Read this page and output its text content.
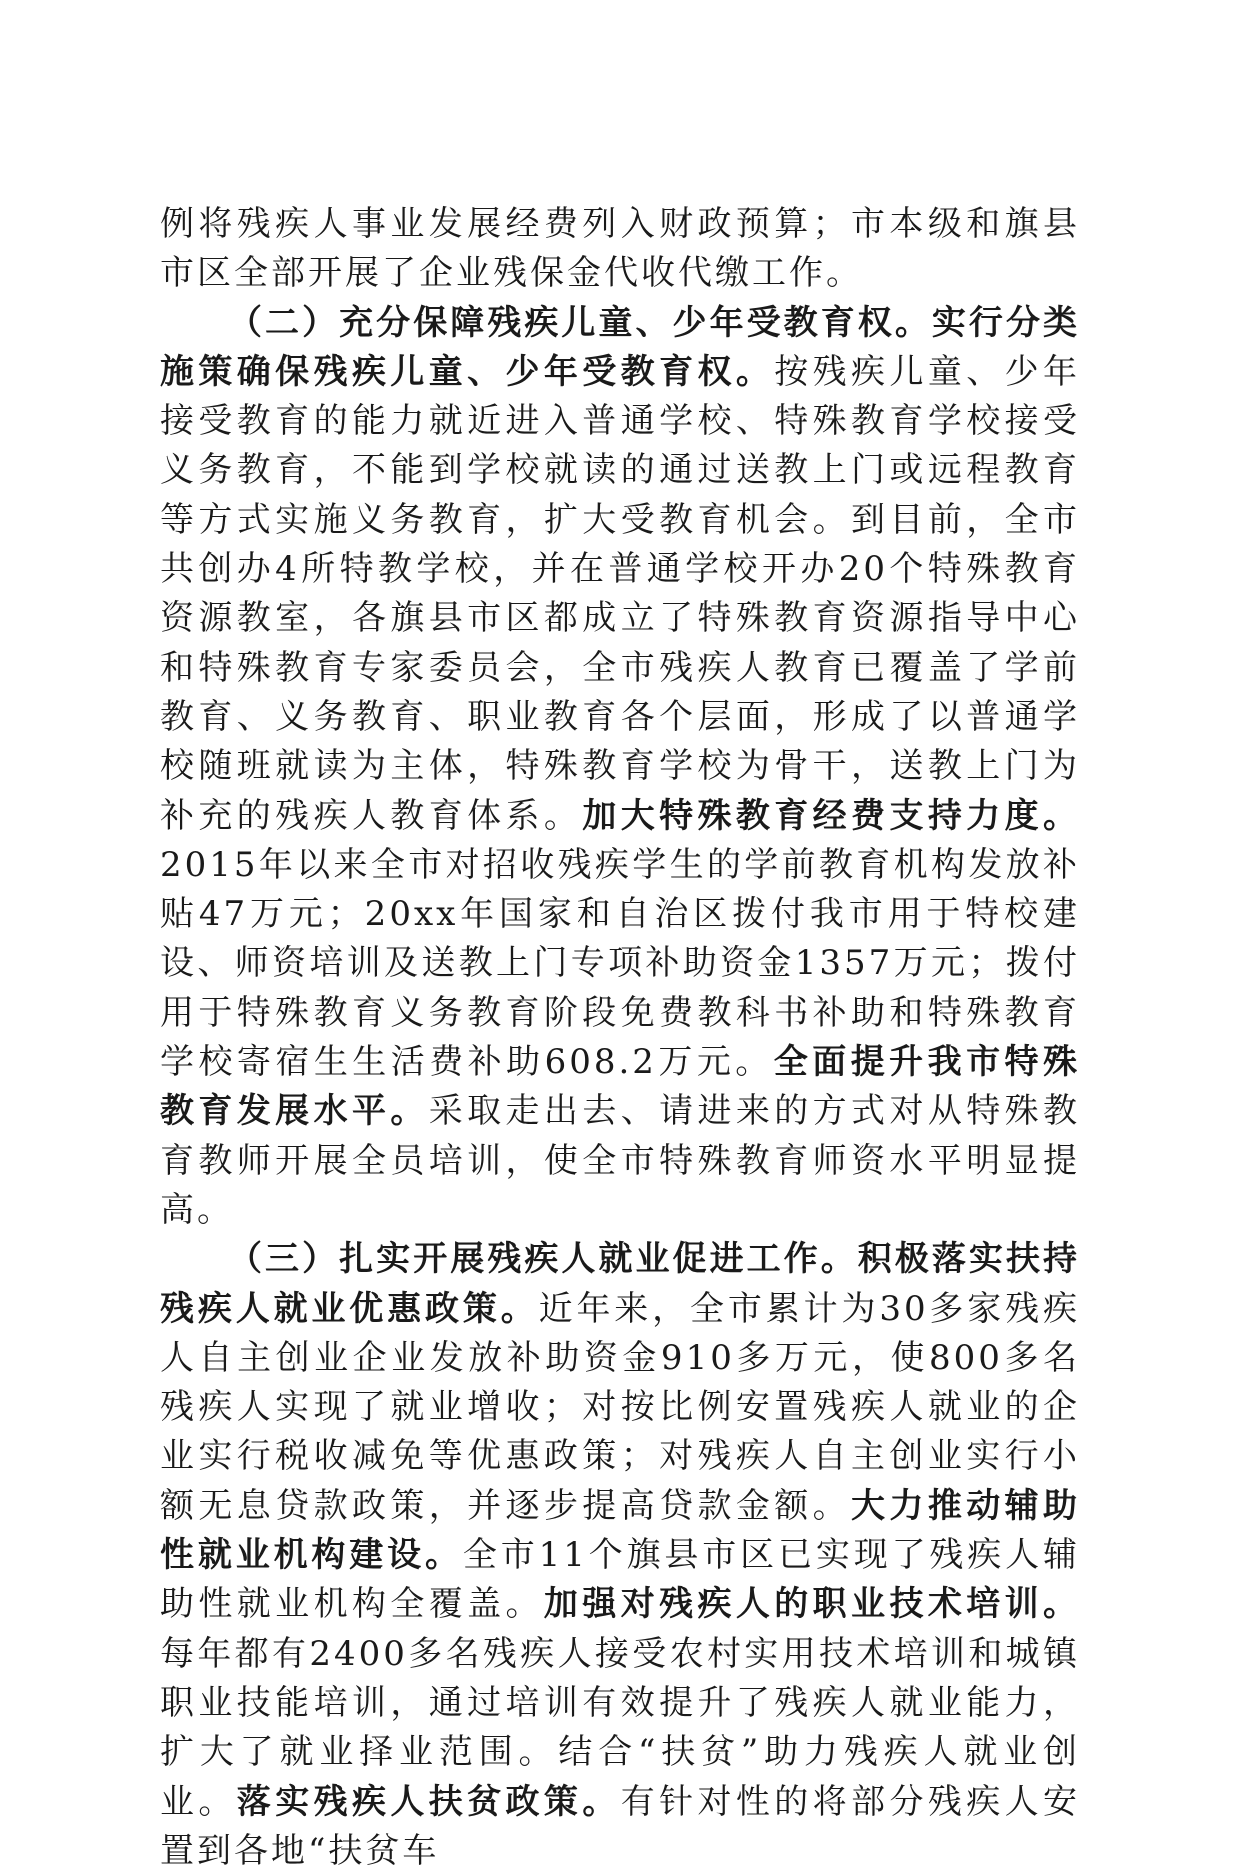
例将残疾人事业发展经费列入财政预算；市本级和旗县市区全部开展了企业残保金代收代缴工作。

（二）充分保障残疾儿童、少年受教育权。实行分类施策确保残疾儿童、少年受教育权。按残疾儿童、少年接受教育的能力就近进入普通学校、特殊教育学校接受义务教育，不能到学校就读的通过送教上门或远程教育等方式实施义务教育，扩大受教育机会。到目前，全市共创办4所特教学校，并在普通学校开办20个特殊教育资源教室，各旗县市区都成立了特殊教育资源指导中心和特殊教育专家委员会，全市残疾人教育已覆盖了学前教育、义务教育、职业教育各个层面，形成了以普通学校随班就读为主体，特殊教育学校为骨干，送教上门为补充的残疾人教育体系。加大特殊教育经费支持力度。2015年以来全市对招收残疾学生的学前教育机构发放补贴47万元；20xx年国家和自治区拨付我市用于特校建设、师资培训及送教上门专项补助资金1357万元；拨付用于特殊教育义务教育阶段免费教科书补助和特殊教育学校寄宿生生活费补助608.2万元。全面提升我市特殊教育发展水平。采取走出去、请进来的方式对从特殊教育教师开展全员培训，使全市特殊教育师资水平明显提高。

（三）扎实开展残疾人就业促进工作。积极落实扶持残疾人就业优惠政策。近年来，全市累计为30多家残疾人自主创业企业发放补助资金910多万元，使800多名残疾人实现了就业增收；对按比例安置残疾人就业的企业实行税收减免等优惠政策；对残疾人自主创业实行小额无息贷款政策，并逐步提高贷款金额。大力推动辅助性就业机构建设。全市11个旗县市区已实现了残疾人辅助性就业机构全覆盖。加强对残疾人的职业技术培训。每年都有2400多名残疾人接受农村实用技术培训和城镇职业技能培训，通过培训有效提升了残疾人就业能力，扩大了就业择业范围。结合“扶贫”助力残疾人就业创业。落实残疾人扶贫政策。有针对性的将部分残疾人安置到各地“扶贫车
